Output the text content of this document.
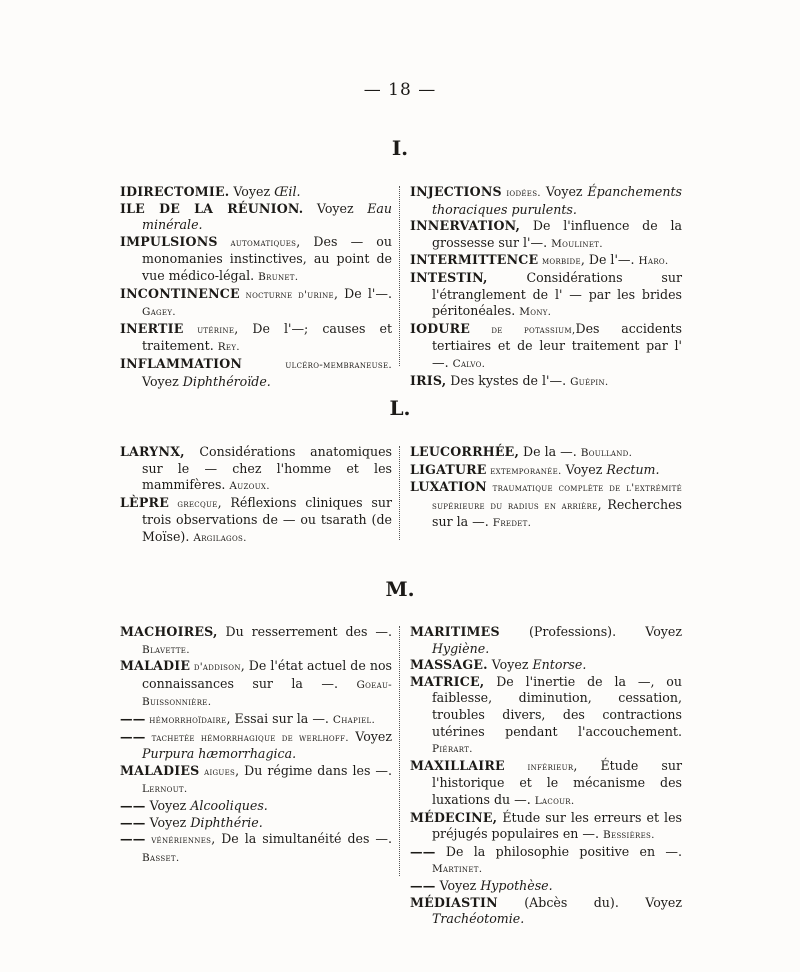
— 18 —
I.

IDIRECTOMIE. Voyez Œil.

ILE DE LA RÉUNION. Voyez Eau minérale.

IMPULSIONS automatiques, Des — ou monomanies instinctives, au point de vue médico-légal. Brunet.

INCONTINENCE nocturne d'urine, De l'—. Gagey.

INERTIE utérine, De l'—; causes et traitement. Rey.

INFLAMMATION ulcéro-membraneuse. Voyez Diphthéroïde.

INJECTIONS iodées. Voyez Épanchements thoraciques purulents.

INNERVATION, De l'influence de la grossesse sur l'—. Moulinet.

INTERMITTENCE morbide, De l'—. Haro.

INTESTIN, Considérations sur l'étranglement de l' — par les brides péritonéales. Mony.

IODURE de potassium,Des accidents tertiaires et de leur traitement par l' —. Calvo.

IRIS, Des kystes de l'—. Guépin.

L.

LARYNX, Considérations anatomiques sur le — chez l'homme et les mammifères. Auzoux.

LÈPRE grecque, Réflexions cliniques sur trois observations de — ou tsarath (de Moïse). Argilagos.

LEUCORRHÉE, De la —. Boulland.

LIGATURE extemporanée. Voyez Rectum.

LUXATION traumatique complète de l'extrémité supérieure du radius en arrière, Recherches sur la —. Fredet.

M.

MACHOIRES, Du resserrement des —. Blavette.

MALADIE d'addison, De l'état actuel de nos connaissances sur la —. Goeau-Buissonnière.

—— hémorrhoïdaire, Essai sur la —. Chapiel.

—— tachetée hémorrhagique de werlhoff. Voyez Purpura hæmorrhagica.

MALADIES aigues, Du régime dans les —. Lernout.

—— Voyez Alcooliques.

—— Voyez Diphthérie.

—— vénériennes, De la simultanéité des —. Basset.

MARITIMES (Professions). Voyez Hygiène.

MASSAGE. Voyez Entorse.

MATRICE, De l'inertie de la —, ou faiblesse, diminution, cessation, troubles divers, des contractions utérines pendant l'accouchement. Piérart.

MAXILLAIRE inférieur, Étude sur l'historique et le mécanisme des luxations du —. Lacour.

MÉDECINE, Étude sur les erreurs et les préjugés populaires en —. Bessières.

—— De la philosophie positive en —. Martinet.

—— Voyez Hypothèse.

MÉDIASTIN (Abcès du). Voyez Trachéotomie.
